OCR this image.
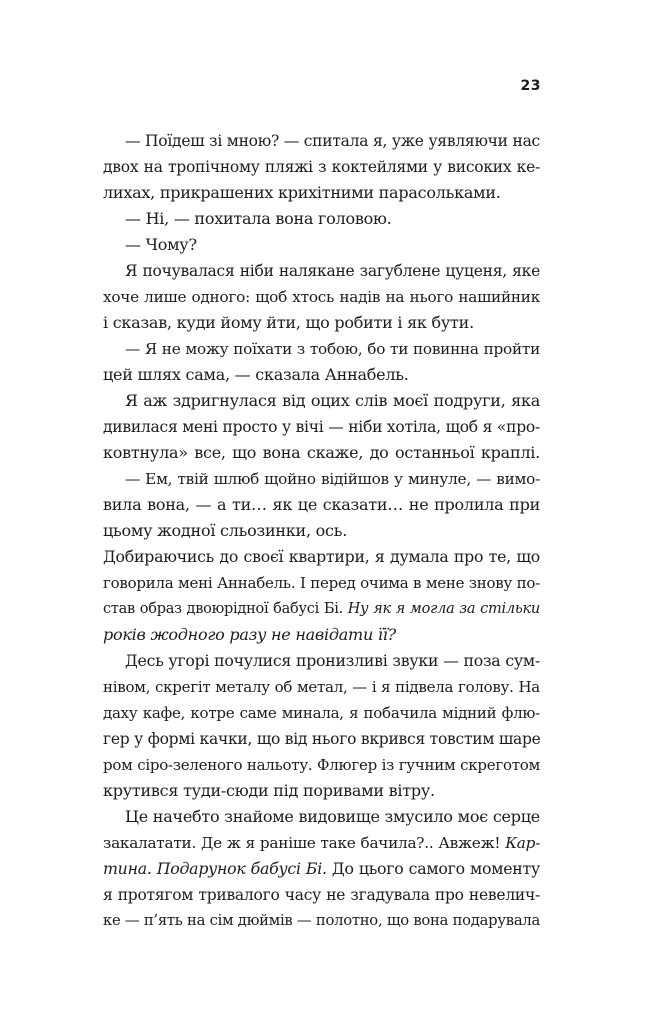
23
— Поїдеш зі мною? — спитала я, уже уявляючи нас
двох на тропічному пляжі з коктейлями у високих ке-
лихах, прикрашених крихітними парасольками.
— Ні, — похитала вона головою.
— Чому?
Я почувалася ніби налякане загублене цуценя, яке
хоче лише одного: щоб хтось надів на нього нашийник
і сказав, куди йому йти, що робити і як бути.
— Я не можу поїхати з тобою, бо ти повинна пройти
цей шлях сама, — сказала Аннабель.
Я аж здригнулася від оцих слів моєї подруги, яка
дивилася мені просто у вічі — ніби хотіла, щоб я «про-
ковтнула» все, що вона скаже, до останньої краплі.
— Ем, твій шлюб щойно відійшов у минуле, — вимо-
вила вона, — а ти… як це сказати… не пролила при
цьому жодної сльозинки, ось.
Добираючись до своєї квартири, я думала про те, що
говорила мені Аннабель. І перед очима в мене знову по-
став образ двоюрідної бабусі Бі. Ну як я могла за стільки
років жодного разу не навідати її?
Десь угорі почулися пронизливі звуки — поза сум-
нівом, скрегіт металу об метал, — і я підвела голову. На
даху кафе, котре саме минала, я побачила мідний флю-
гер у формі качки, що від нього вкрився товстим шаре
ром сіро-зеленого нальоту. Флюгер із гучним скреготом
крутився туди-сюди під поривами вітру.
Це начебто знайоме видовище змусило моє серце
закалатати. Де ж я раніше таке бачила?.. Авжеж! Кар-
тина. Подарунок бабусі Бі. До цього самого моменту
я протягом тривалого часу не згадувала про невелич-
ке — п’ять на сім дюймів — полотно, що вона подарувала
